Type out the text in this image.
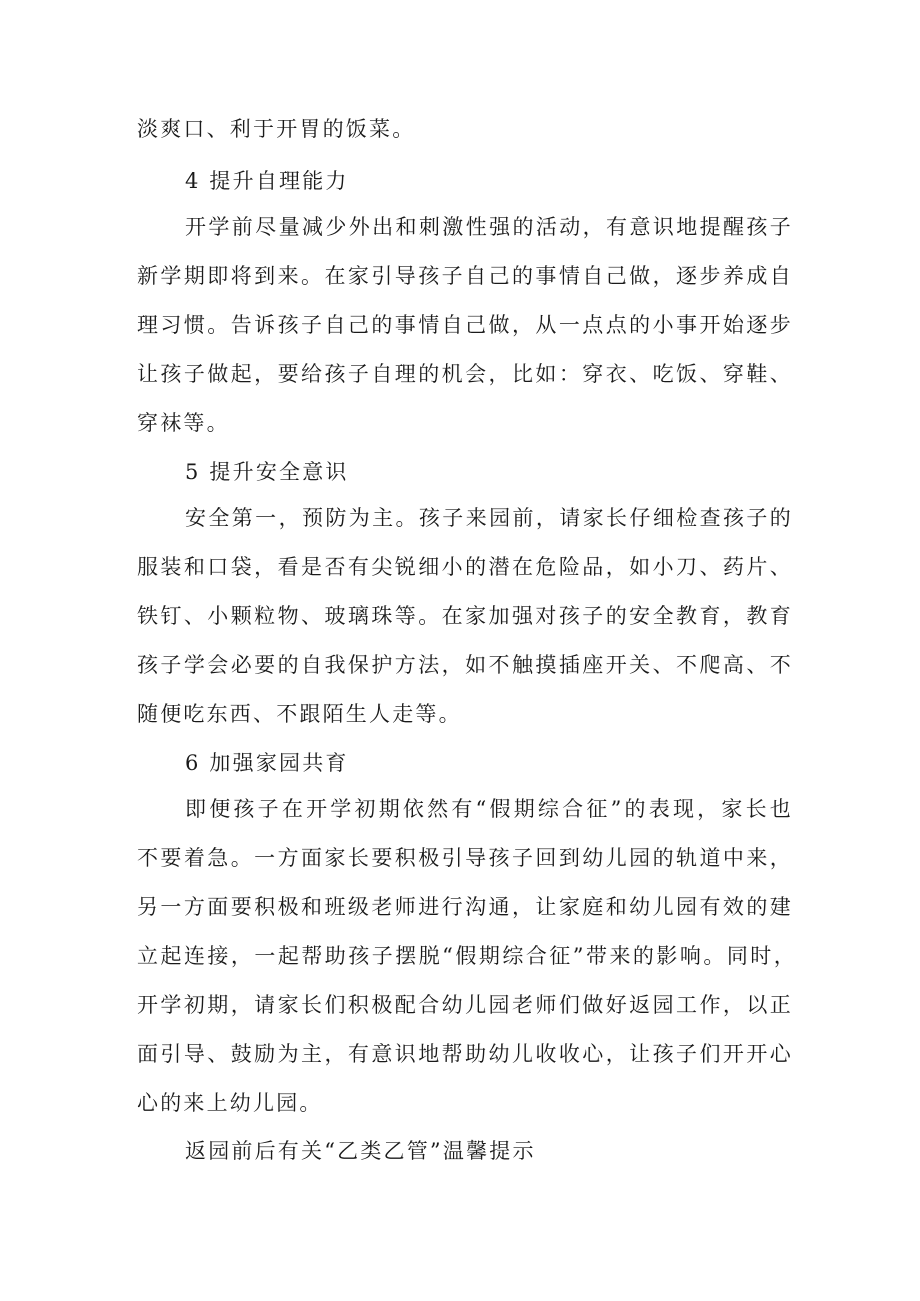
淡爽口、利于开胃的饭菜。
4 提升自理能力
开学前尽量减少外出和刺激性强的活动，有意识地提醒孩子
新学期即将到来。在家引导孩子自己的事情自己做，逐步养成自
理习惯。告诉孩子自己的事情自己做，从一点点的小事开始逐步
让孩子做起，要给孩子自理的机会，比如：穿衣、吃饭、穿鞋、
穿袜等。
5 提升安全意识
安全第一，预防为主。孩子来园前，请家长仔细检查孩子的
服装和口袋，看是否有尖锐细小的潜在危险品，如小刀、药片、
铁钉、小颗粒物、玻璃珠等。在家加强对孩子的安全教育，教育
孩子学会必要的自我保护方法，如不触摸插座开关、不爬高、不
随便吃东西、不跟陌生人走等。
6 加强家园共育
即便孩子在开学初期依然有“假期综合征”的表现，家长也
不要着急。一方面家长要积极引导孩子回到幼儿园的轨道中来，
另一方面要积极和班级老师进行沟通，让家庭和幼儿园有效的建
立起连接，一起帮助孩子摆脱“假期综合征”带来的影响。同时，
开学初期，请家长们积极配合幼儿园老师们做好返园工作，以正
面引导、鼓励为主，有意识地帮助幼儿收收心，让孩子们开开心
心的来上幼儿园。
返园前后有关“乙类乙管”温馨提示
